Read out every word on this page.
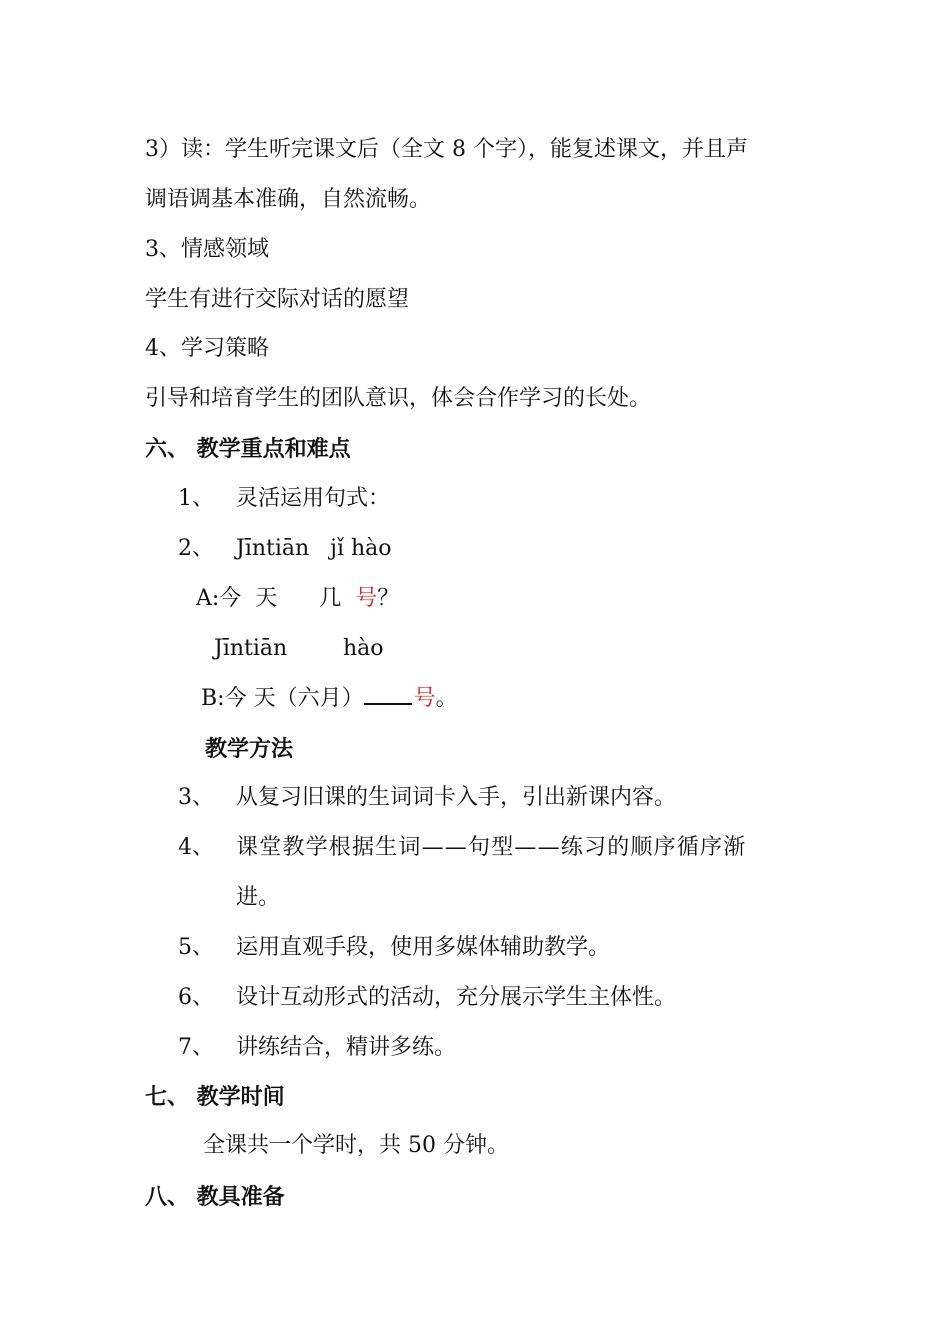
3）读：学生听完课文后（全文 8 个字），能复述课文，并且声
调语调基本准确，自然流畅。
3、情感领域
学生有进行交际对话的愿望
4、学习策略
引导和培育学生的团队意识，体会合作学习的长处。
六、 教学重点和难点
1、 灵活运用句式：
2、 Jīntiān   jǐ hào
A:今  天      几  号？
Jīntiān	hào
B:今 天（六月） 号。
教学方法
3、 从复习旧课的生词词卡入手，引出新课内容。
4、 课堂教学根据生词——句型——练习的顺序循序渐
进。
5、 运用直观手段，使用多媒体辅助教学。
6、 设计互动形式的活动，充分展示学生主体性。
7、 讲练结合，精讲多练。
七、 教学时间
全课共一个学时，共 50 分钟。
八、 教具准备
